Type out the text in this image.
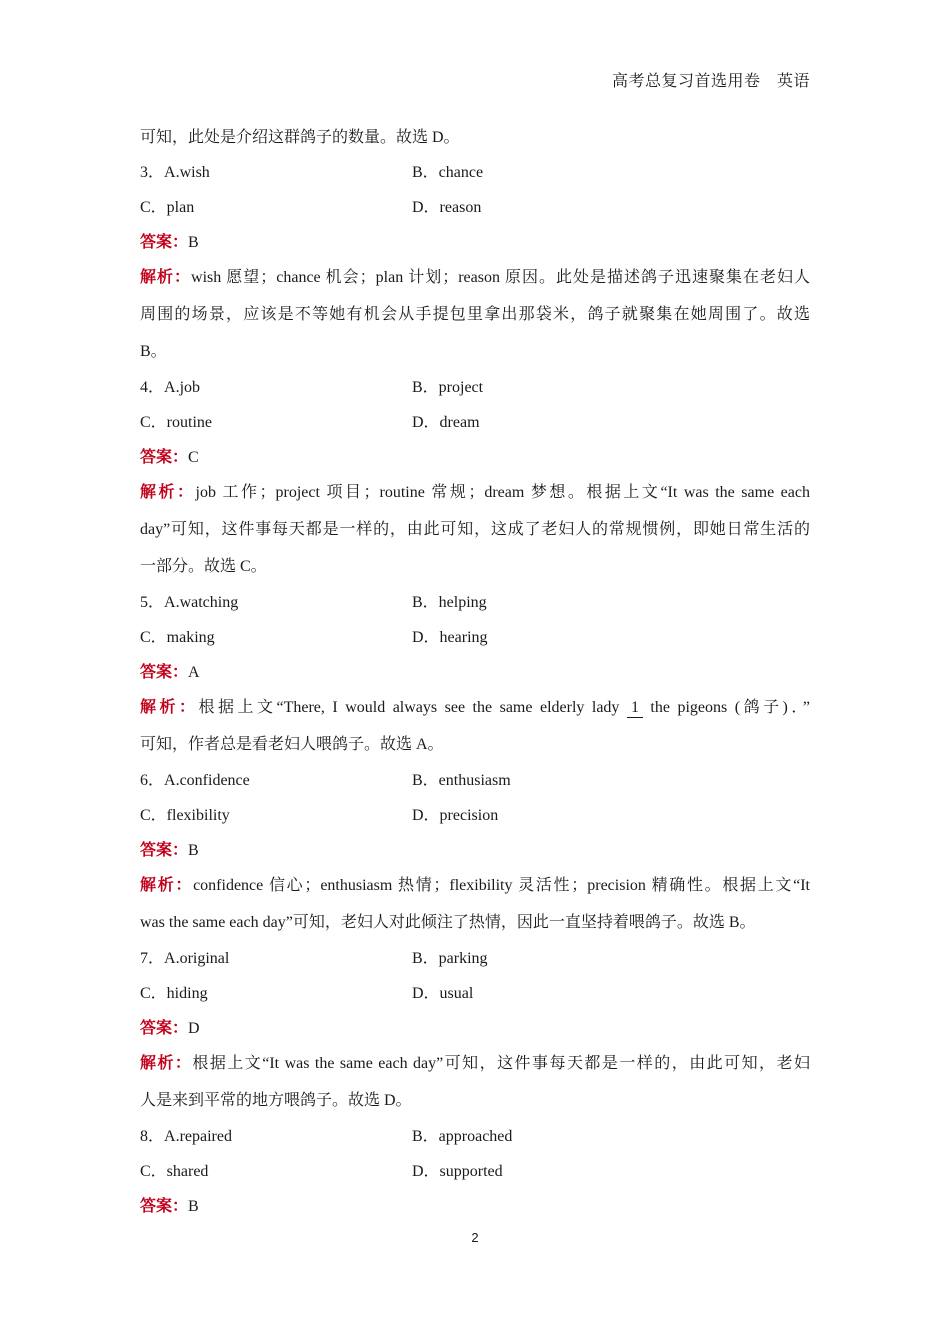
高考总复习首选用卷　英语
可知，此处是介绍这群鸽子的数量。故选 D。
3．A.wish	B．chance
C．plan	D．reason
答案：B
解析：wish 愿望；chance 机会；plan 计划；reason 原因。此处是描述鸽子迅速聚集在老妇人
周围的场景，应该是不等她有机会从手提包里拿出那袋米，鸽子就聚集在她周围了。故选
B。
4．A.job	B．project
C．routine	D．dream
答案：C
解析：job 工作；project 项目；routine 常规；dream 梦想。根据上文“It was the same each
day”可知，这件事每天都是一样的，由此可知，这成了老妇人的常规惯例，即她日常生活的
一部分。故选 C。
5．A.watching	B．helping
C．making	D．hearing
答案：A
解析：根据上文“There, I would always see the same elderly lady 1 the pigeons (鸽子)．”
可知，作者总是看老妇人喂鸽子。故选 A。
6．A.confidence	B．enthusiasm
C．flexibility	D．precision
答案：B
解析：confidence 信心；enthusiasm 热情；flexibility 灵活性；precision 精确性。根据上文“It
was the same each day”可知，老妇人对此倾注了热情，因此一直坚持着喂鸽子。故选 B。
7．A.original	B．parking
C．hiding	D．usual
答案：D
解析：根据上文“It was the same each day”可知，这件事每天都是一样的，由此可知，老妇
人是来到平常的地方喂鸽子。故选 D。
8．A.repaired	B．approached
C．shared	D．supported
答案：B
2
